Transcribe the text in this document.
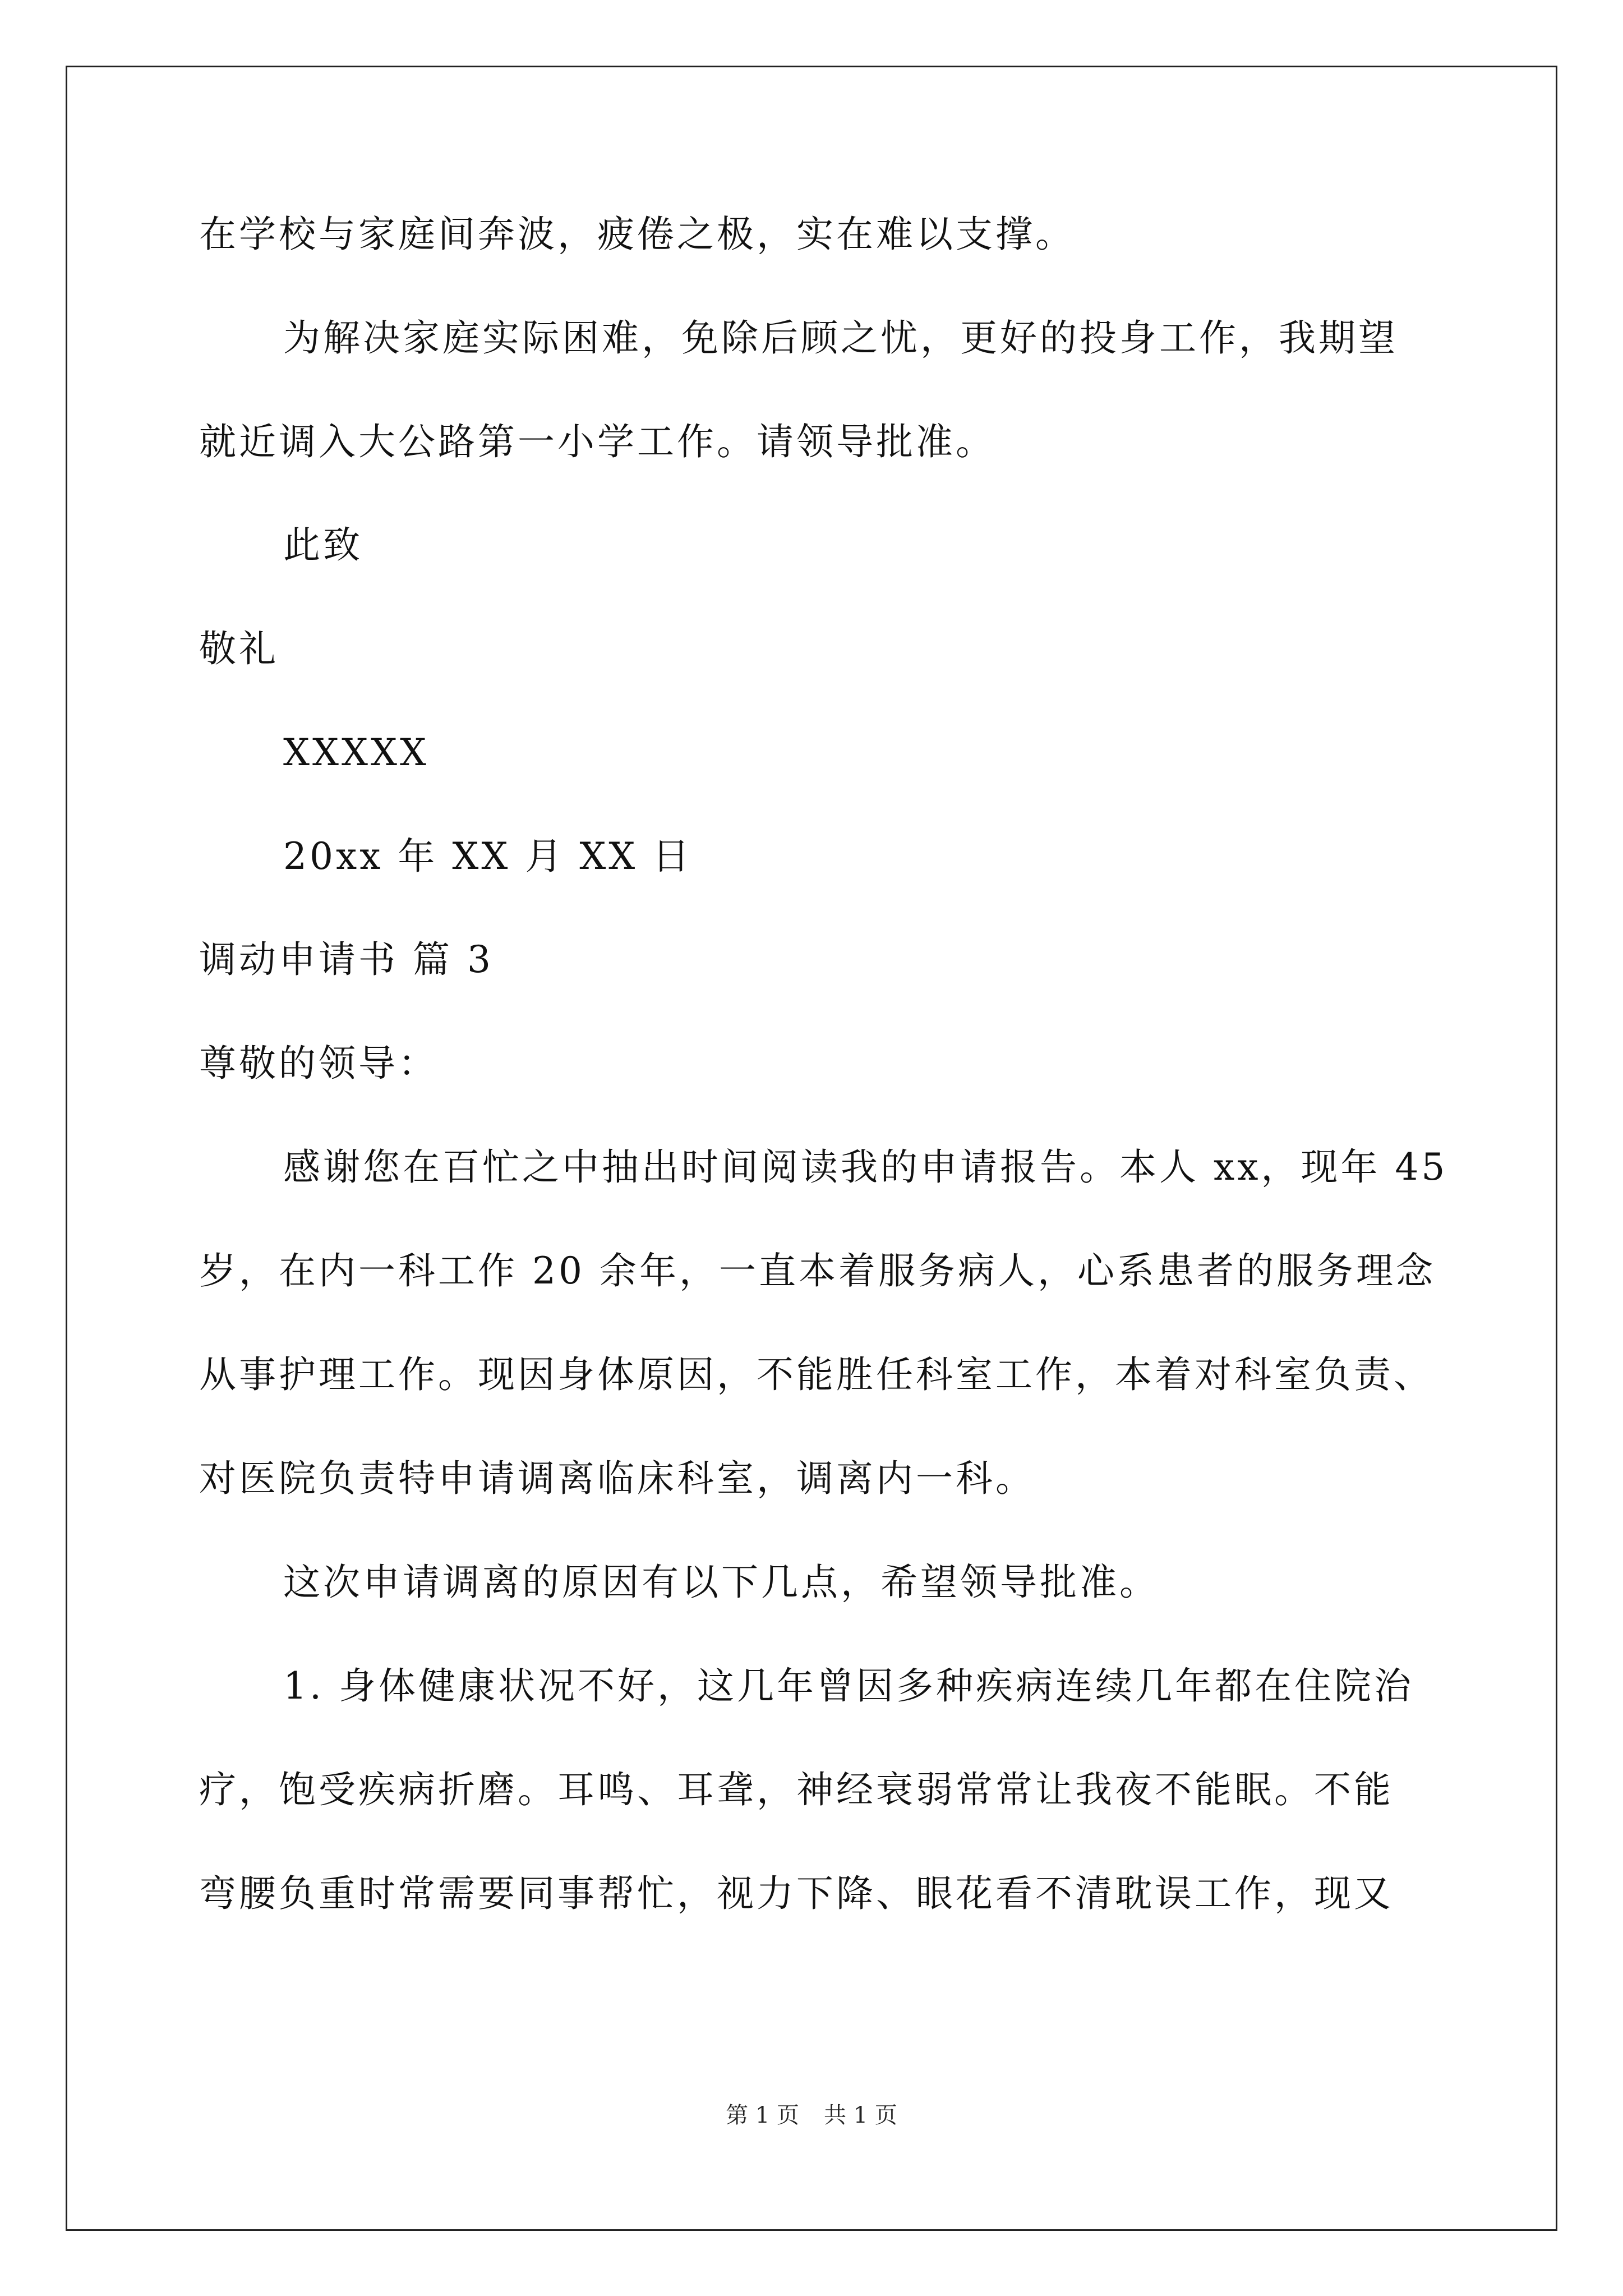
在学校与家庭间奔波，疲倦之极，实在难以支撑。
为解决家庭实际困难，免除后顾之忧，更好的投身工作，我期望
就近调入大公路第一小学工作。请领导批准。
此致
敬礼
XXXXX
20xx 年 XX 月 XX 日
调动申请书 篇 3
尊敬的领导：
感谢您在百忙之中抽出时间阅读我的申请报告。本人 xx，现年 45
岁，在内一科工作 20 余年，一直本着服务病人，心系患者的服务理念
从事护理工作。现因身体原因，不能胜任科室工作，本着对科室负责、
对医院负责特申请调离临床科室，调离内一科。
这次申请调离的原因有以下几点，希望领导批准。
1. 身体健康状况不好，这几年曾因多种疾病连续几年都在住院治
疗，饱受疾病折磨。耳鸣、耳聋，神经衰弱常常让我夜不能眠。不能
弯腰负重时常需要同事帮忙，视力下降、眼花看不清耽误工作，现又
第 1 页 共 1 页
